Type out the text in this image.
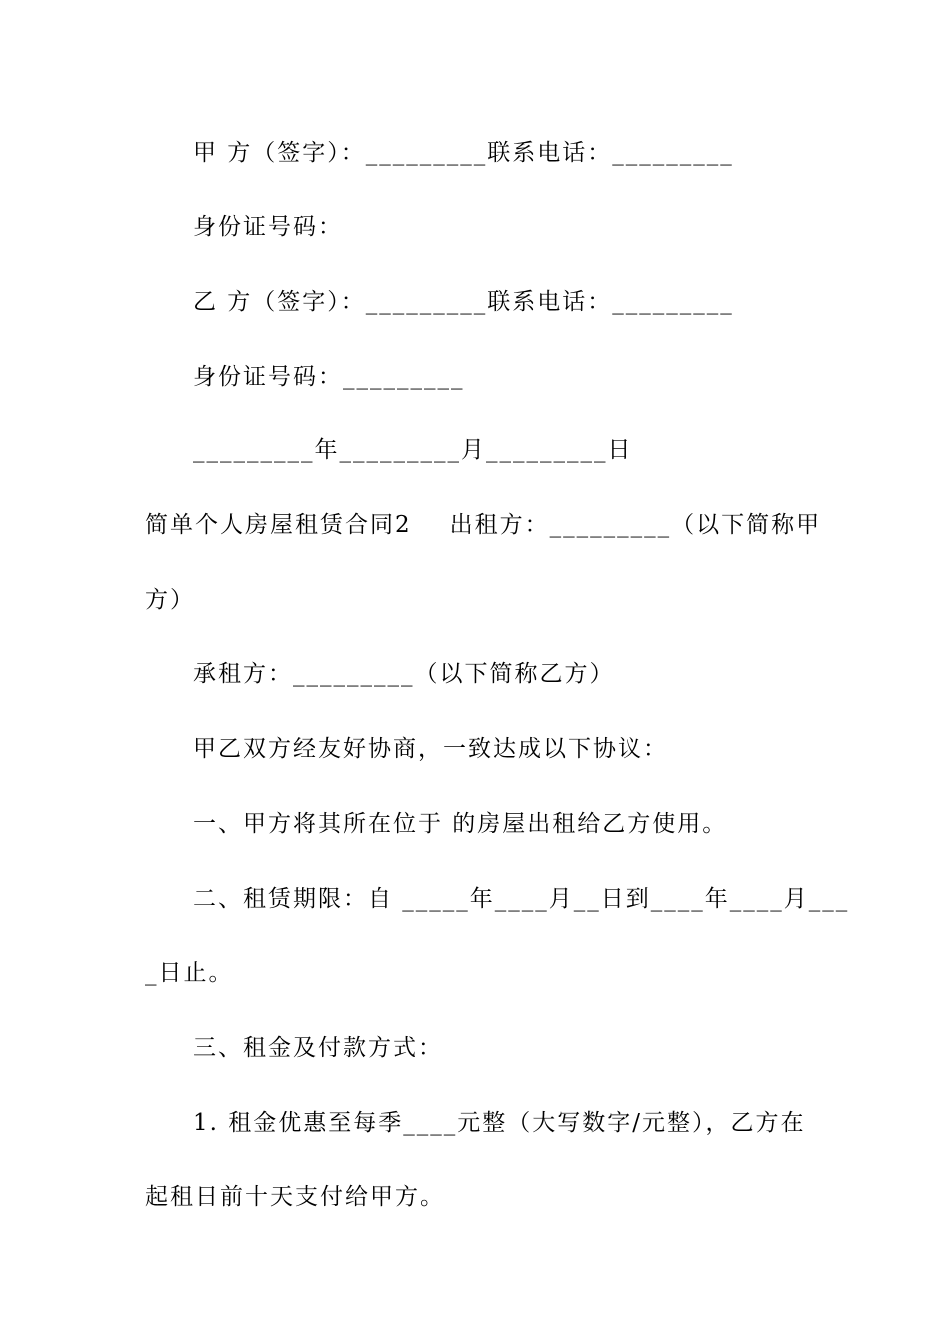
甲 方（签字）：_________联系电话：_________
身份证号码：
乙 方（签字）：_________联系电话：_________
身份证号码：_________
_________年_________月_________日
简单个人房屋租赁合同2 出租方：_________（以下简称甲
方）
承租方：_________（以下简称乙方）
甲乙双方经友好协商，一致达成以下协议：
一、甲方将其所在位于 的房屋出租给乙方使用。
二、租赁期限：自 _____年____月__日到____年____月___
_日止。
三、租金及付款方式：
1. 租金优惠至每季____元整（大写数字/元整），乙方在
起租日前十天支付给甲方。
